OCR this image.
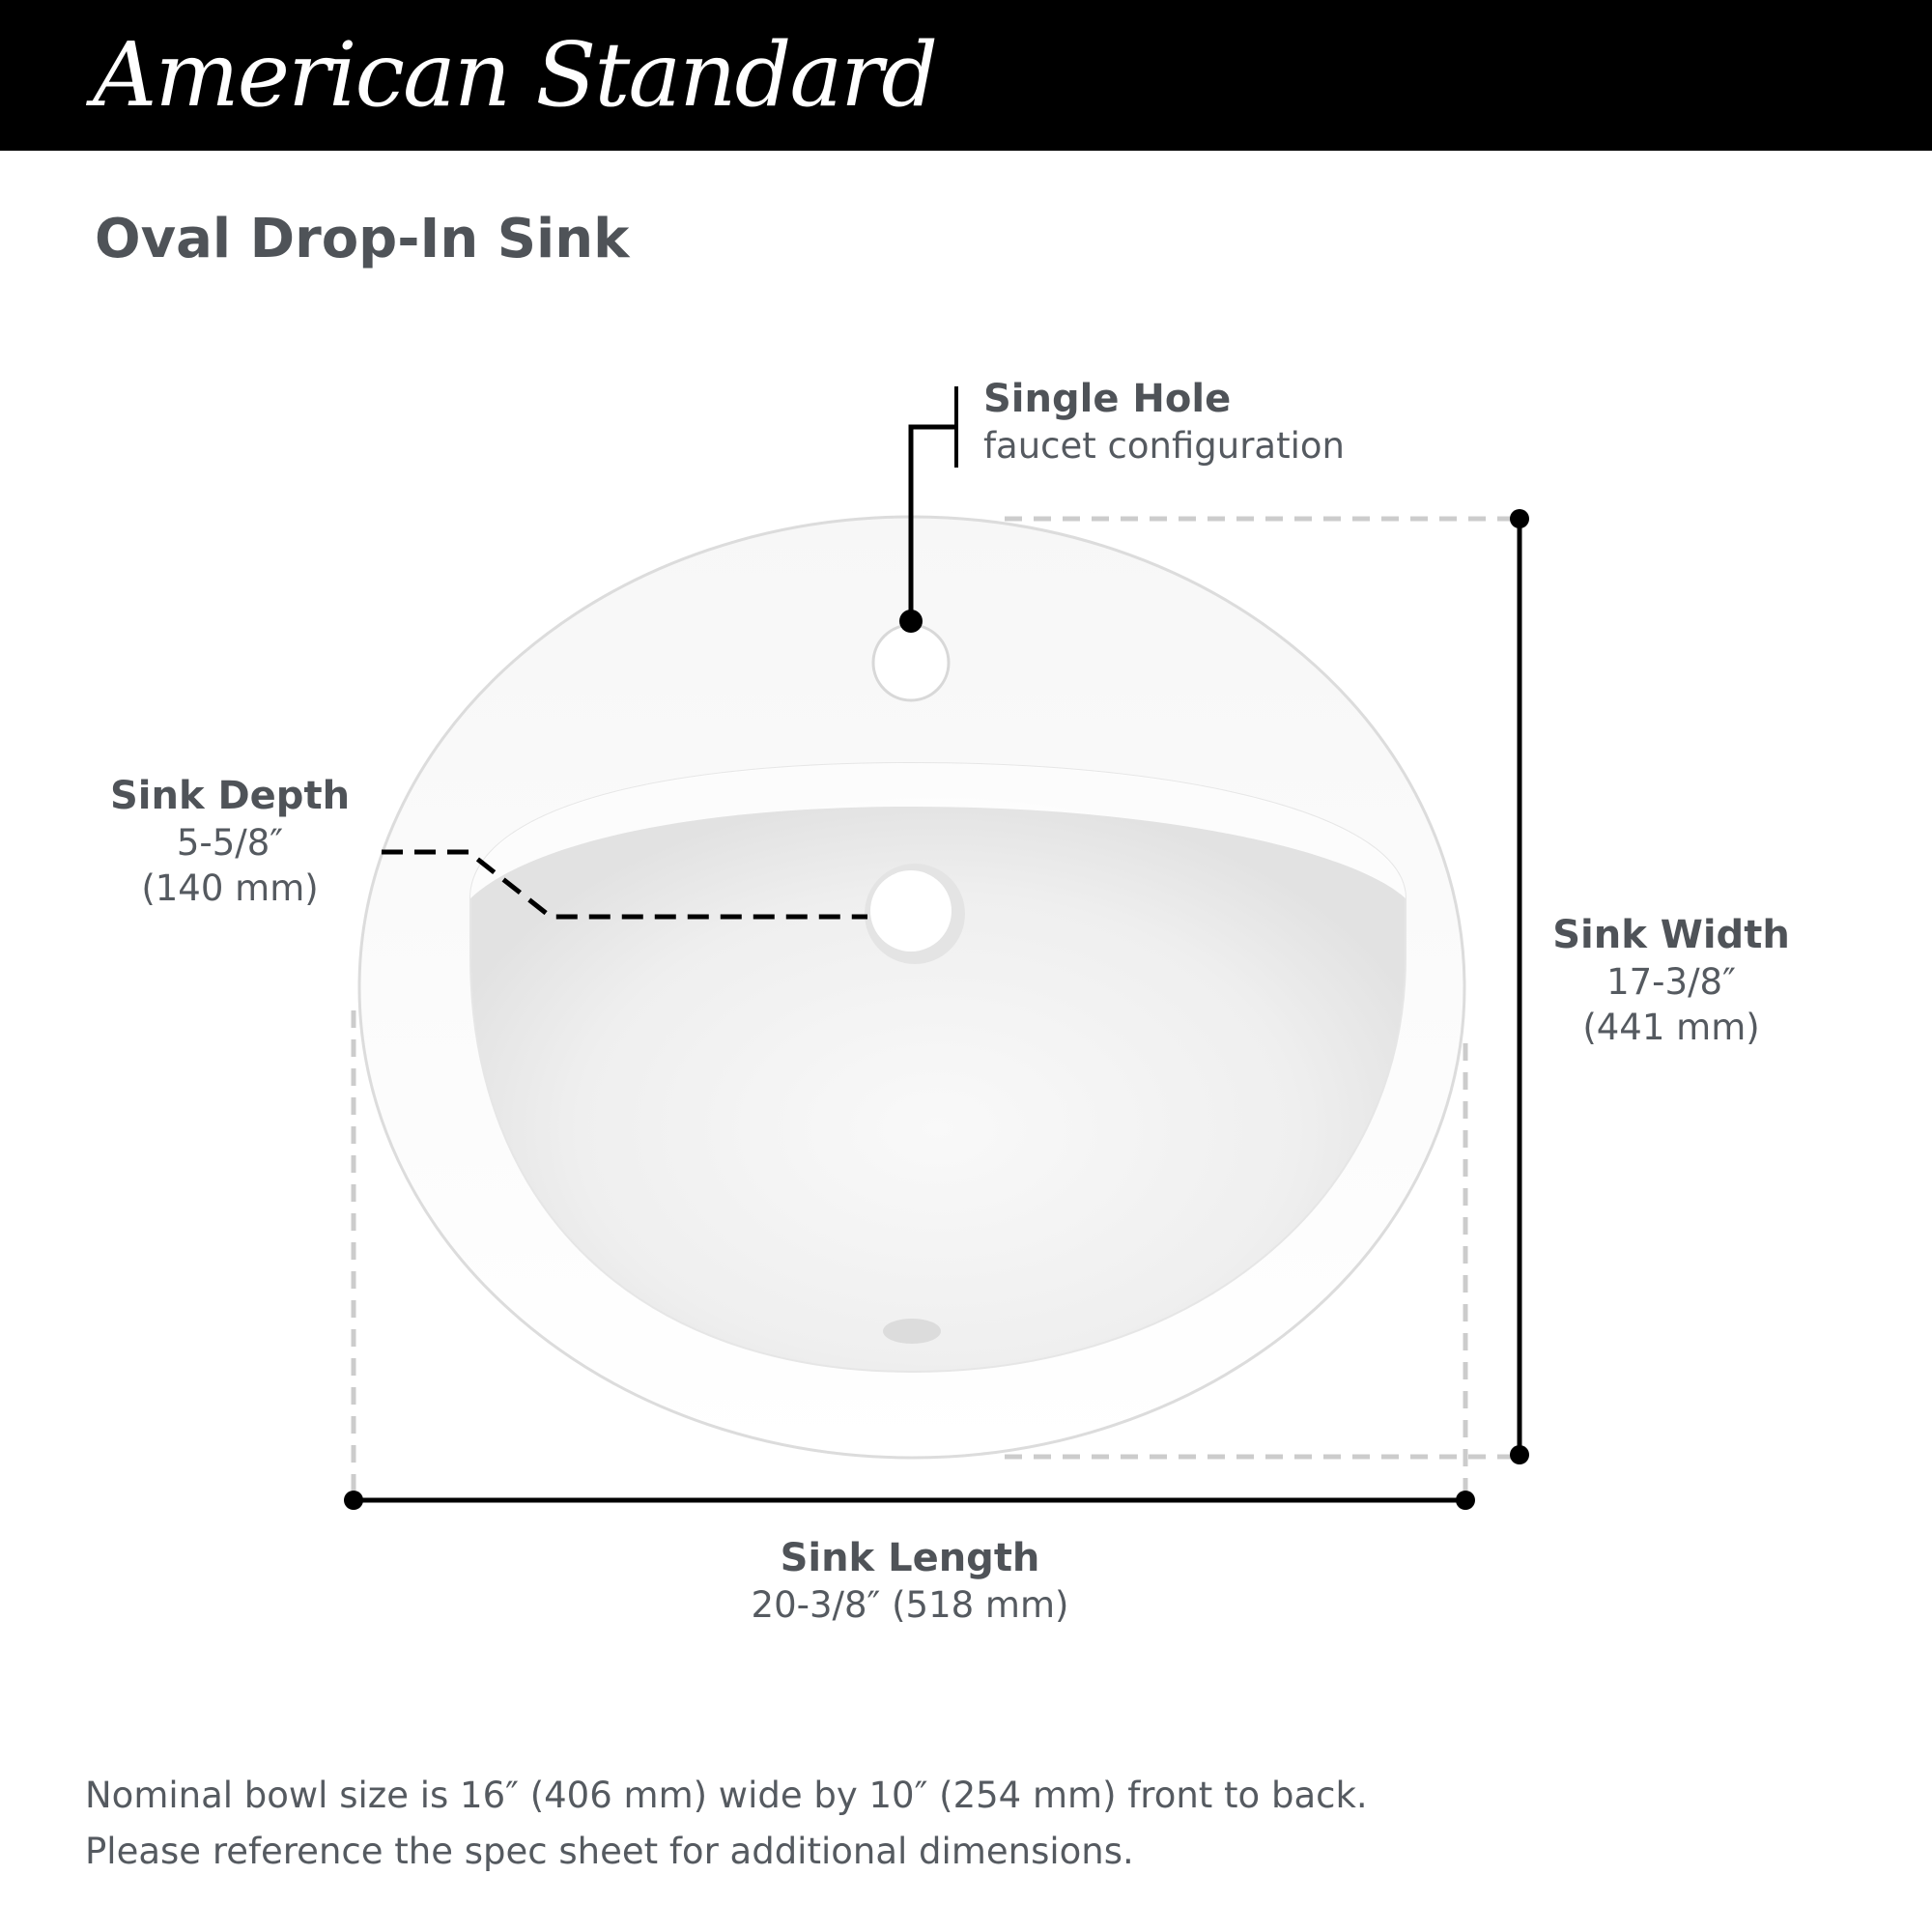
American Standard
Oval Drop-In Sink
Single Hole
faucet configuration
Sink Depth
5-5/8″
(140 mm)
Sink Width
17-3/8″
(441 mm)
Sink Length
20-3/8″ (518 mm)
Nominal bowl size is 16″ (406 mm) wide by 10″ (254 mm) front to back.
Please reference the spec sheet for additional dimensions.
